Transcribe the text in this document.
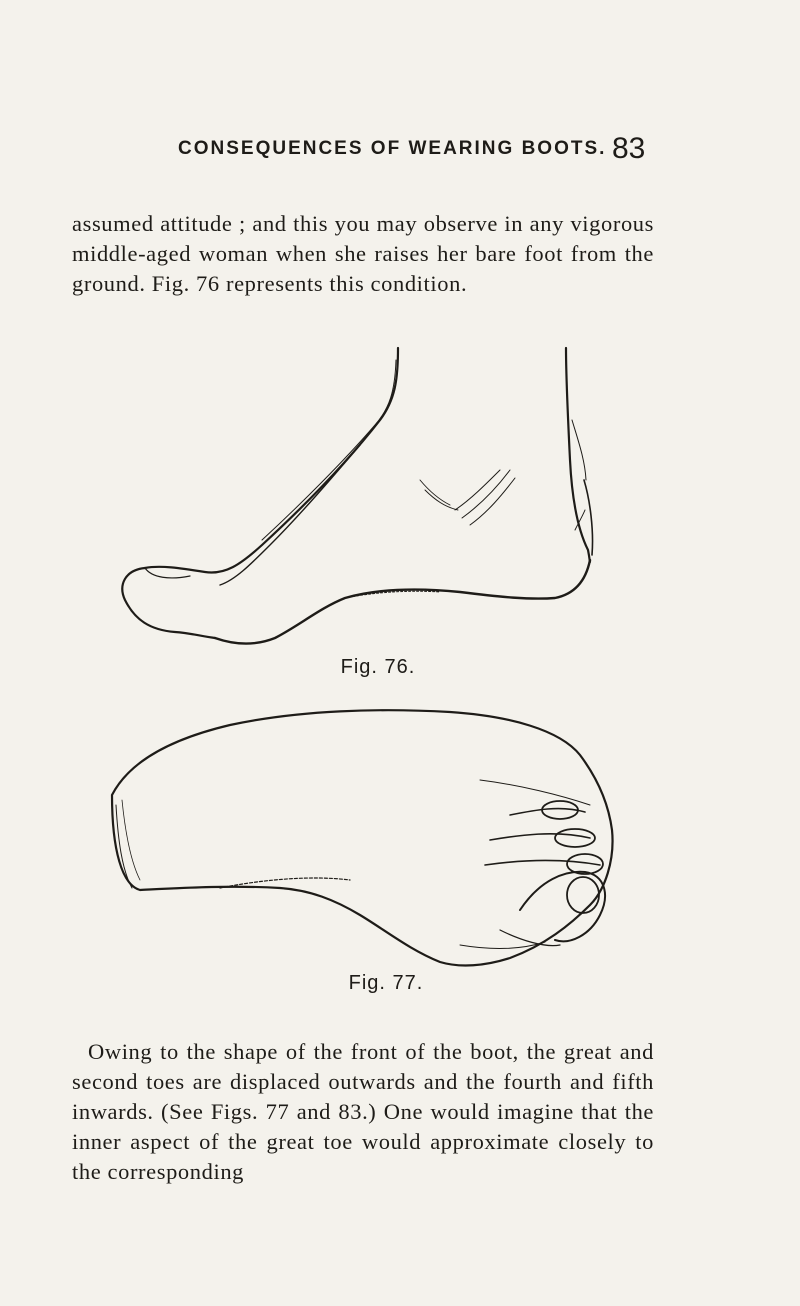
CONSEQUENCES OF WEARING BOOTS. 83

assumed attitude ; and this you may observe in any vigorous middle-aged woman when she raises her bare foot from the ground. Fig. 76 represents this condition.

Fig. 76.
Fig. 77.

Owing to the shape of the front of the boot, the great and second toes are displaced outwards and the fourth and fifth inwards. (See Figs. 77 and 83.) One would imagine that the inner aspect of the great toe would approximate closely to the corresponding
